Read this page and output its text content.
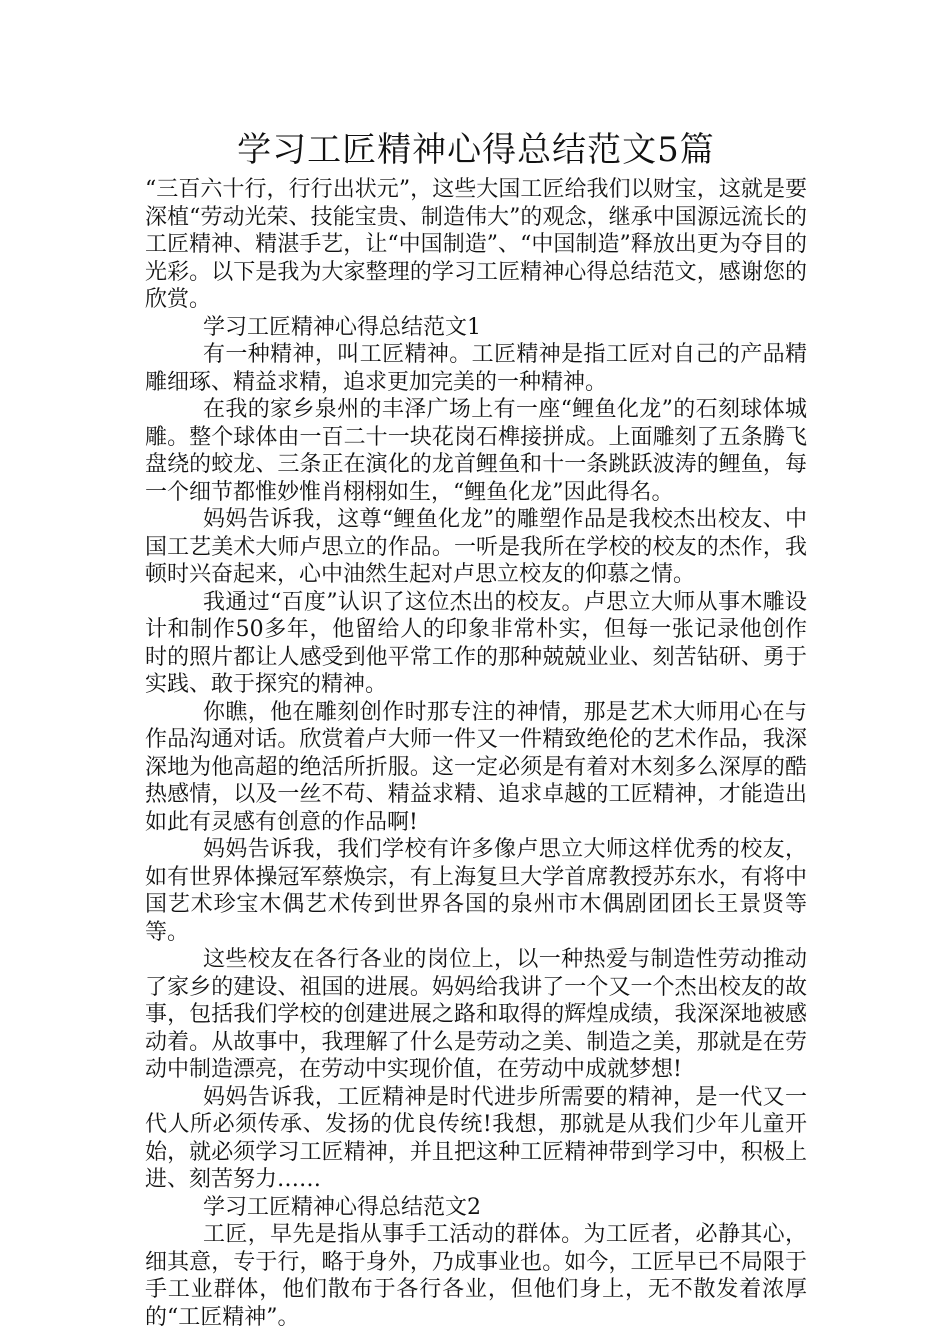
学习工匠精神心得总结范文5篇

“三百六十行，行行出状元”，这些大国工匠给我们以财宝，这就是要深植“劳动光荣、技能宝贵、制造伟大”的观念，继承中国源远流长的工匠精神、精湛手艺，让“中国制造”、“中国制造”释放出更为夺目的光彩。以下是我为大家整理的学习工匠精神心得总结范文，感谢您的欣赏。

学习工匠精神心得总结范文1

有一种精神，叫工匠精神。工匠精神是指工匠对自己的产品精雕细琢、精益求精，追求更加完美的一种精神。

在我的家乡泉州的丰泽广场上有一座“鲤鱼化龙”的石刻球体城雕。整个球体由一百二十一块花岗石榫接拼成。上面雕刻了五条腾飞盘绕的蛟龙、三条正在演化的龙首鲤鱼和十一条跳跃波涛的鲤鱼，每一个细节都惟妙惟肖栩栩如生，“鲤鱼化龙”因此得名。

妈妈告诉我，这尊“鲤鱼化龙”的雕塑作品是我校杰出校友、中国工艺美术大师卢思立的作品。一听是我所在学校的校友的杰作，我顿时兴奋起来，心中油然生起对卢思立校友的仰慕之情。

我通过“百度”认识了这位杰出的校友。卢思立大师从事木雕设计和制作50多年，他留给人的印象非常朴实，但每一张记录他创作时的照片都让人感受到他平常工作的那种兢兢业业、刻苦钻研、勇于实践、敢于探究的精神。

你瞧，他在雕刻创作时那专注的神情，那是艺术大师用心在与作品沟通对话。欣赏着卢大师一件又一件精致绝伦的艺术作品，我深深地为他高超的绝活所折服。这一定必须是有着对木刻多么深厚的酷热感情，以及一丝不苟、精益求精、追求卓越的工匠精神，才能造出如此有灵感有创意的作品啊!

妈妈告诉我，我们学校有许多像卢思立大师这样优秀的校友，如有世界体操冠军蔡焕宗，有上海复旦大学首席教授苏东水，有将中国艺术珍宝木偶艺术传到世界各国的泉州市木偶剧团团长王景贤等等。

这些校友在各行各业的岗位上，以一种热爱与制造性劳动推动了家乡的建设、祖国的进展。妈妈给我讲了一个又一个杰出校友的故事，包括我们学校的创建进展之路和取得的辉煌成绩，我深深地被感动着。从故事中，我理解了什么是劳动之美、制造之美，那就是在劳动中制造漂亮，在劳动中实现价值，在劳动中成就梦想!

妈妈告诉我，工匠精神是时代进步所需要的精神，是一代又一代人所必须传承、发扬的优良传统!我想，那就是从我们少年儿童开始，就必须学习工匠精神，并且把这种工匠精神带到学习中，积极上进、刻苦努力……

学习工匠精神心得总结范文2

工匠，早先是指从事手工活动的群体。为工匠者，必静其心，细其意，专于行，略于身外，乃成事业也。如今，工匠早已不局限于手工业群体，他们散布于各行各业，但他们身上，无不散发着浓厚的“工匠精神”。
